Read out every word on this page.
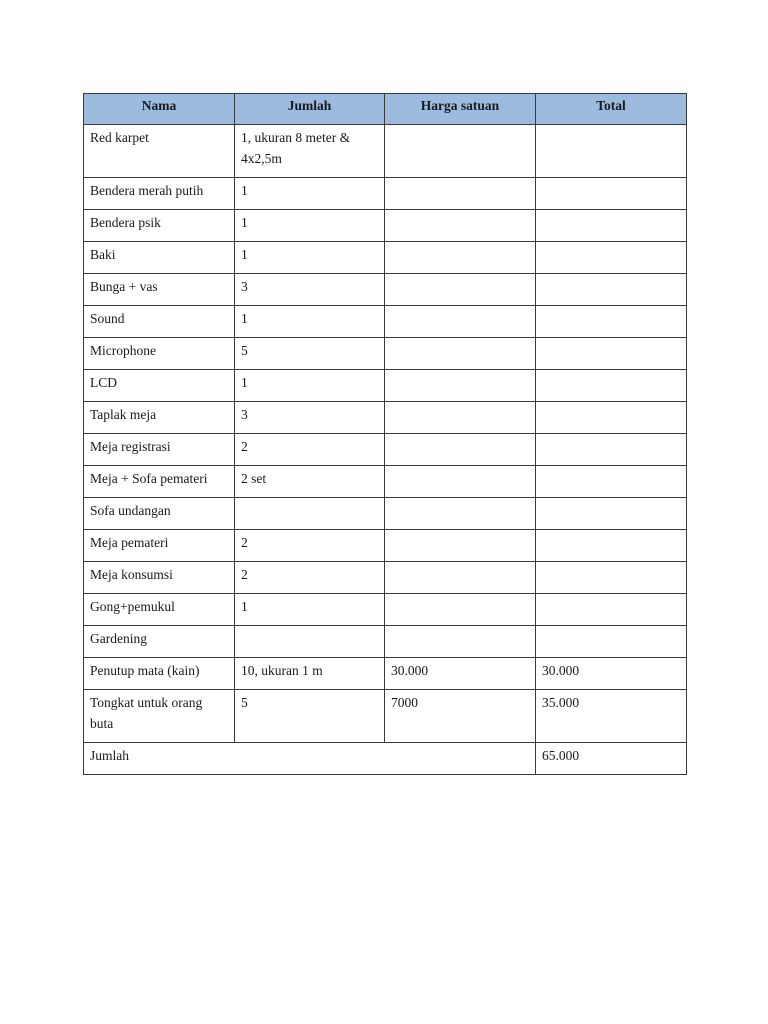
Nama	Jumlah	Harga satuan	Total
Red karpet	1, ukuran 8 meter & 4x2,5m		
Bendera merah putih	1		
Bendera psik	1		
Baki	1		
Bunga + vas	3		
Sound	1		
Microphone	5		
LCD	1		
Taplak meja	3		
Meja registrasi	2		
Meja + Sofa pemateri	2 set		
Sofa undangan			
Meja pemateri	2		
Meja konsumsi	2		
Gong+pemukul	1		
Gardening			
Penutup mata (kain)	10, ukuran 1 m	30.000	30.000
Tongkat untuk orang buta	5	7000	35.000
Jumlah			65.000
